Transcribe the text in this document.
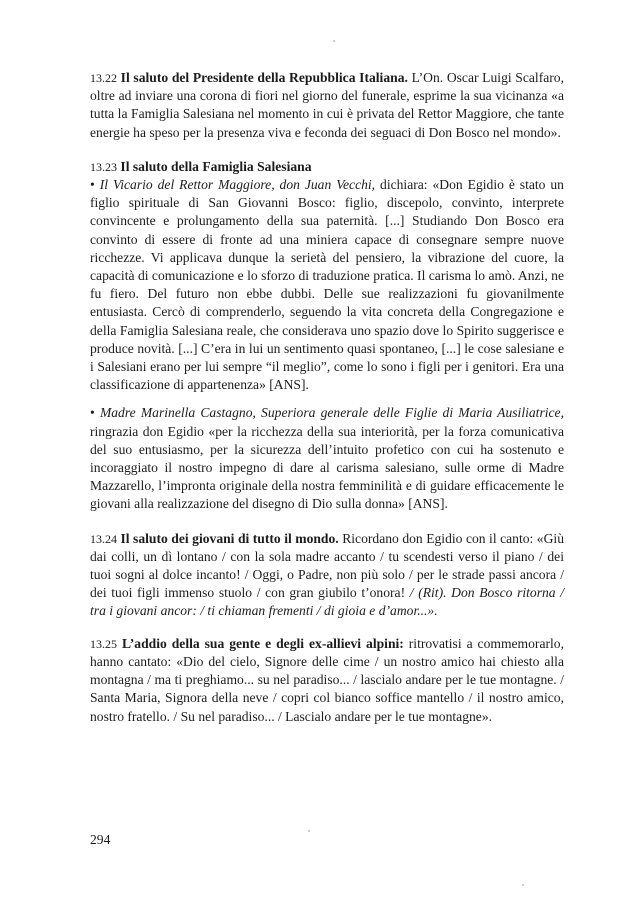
13.22 Il saluto del Presidente della Repubblica Italiana. L’On. Oscar Luigi Scalfaro, oltre ad inviare una corona di fiori nel giorno del funerale, esprime la sua vicinanza «a tutta la Famiglia Salesiana nel momento in cui è privata del Rettor Maggiore, che tante energie ha speso per la presenza viva e feconda dei seguaci di Don Bosco nel mondo».

13.23 Il saluto della Famiglia Salesiana

• Il Vicario del Rettor Maggiore, don Juan Vecchi, dichiara: «Don Egidio è stato un figlio spirituale di San Giovanni Bosco: figlio, discepolo, convinto, interprete convincente e prolungamento della sua paternità. [...] Studiando Don Bosco era convinto di essere di fronte ad una miniera capace di consegnare sempre nuove ricchezze. Vi applicava dunque la serietà del pensiero, la vibrazione del cuore, la capacità di comunicazione e lo sforzo di traduzione pratica. Il carisma lo amò. Anzi, ne fu fiero. Del futuro non ebbe dubbi. Delle sue realizzazioni fu giovanilmente entusiasta. Cercò di comprenderlo, seguendo la vita concreta della Congregazione e della Famiglia Salesiana reale, che considerava uno spazio dove lo Spirito suggerisce e produce novità. [...] C’era in lui un sentimento quasi spontaneo, [...] le cose salesiane e i Salesiani erano per lui sempre “il meglio”, come lo sono i figli per i genitori. Era una classificazione di appartenenza» [ANS].

• Madre Marinella Castagno, Superiora generale delle Figlie di Maria Ausiliatrice, ringrazia don Egidio «per la ricchezza della sua interiorità, per la forza comunicativa del suo entusiasmo, per la sicurezza dell’intuito profetico con cui ha sostenuto e incoraggiato il nostro impegno di dare al carisma salesiano, sulle orme di Madre Mazzarello, l’impronta originale della nostra femminilità e di guidare efficacemente le giovani alla realizzazione del disegno di Dio sulla donna» [ANS].

13.24 Il saluto dei giovani di tutto il mondo. Ricordano don Egidio con il canto: «Giù dai colli, un dì lontano / con la sola madre accanto / tu scendesti verso il piano / dei tuoi sogni al dolce incanto! / Oggi, o Padre, non più solo / per le strade passi ancora / dei tuoi figli immenso stuolo / con gran giubilo t’onora! / (Rit). Don Bosco ritorna / tra i giovani ancor: / ti chiaman frementi / di gioia e d’amor...».

13.25 L’addio della sua gente e degli ex-allievi alpini: ritrovatisi a commemorarlo, hanno cantato: «Dio del cielo, Signore delle cime / un nostro amico hai chiesto alla montagna / ma ti preghiamo... su nel paradiso... / lascialo andare per le tue montagne. / Santa Maria, Signora della neve / copri col bianco soffice mantello / il nostro amico, nostro fratello. / Su nel paradiso... / Lascialo andare per le tue montagne».

294
